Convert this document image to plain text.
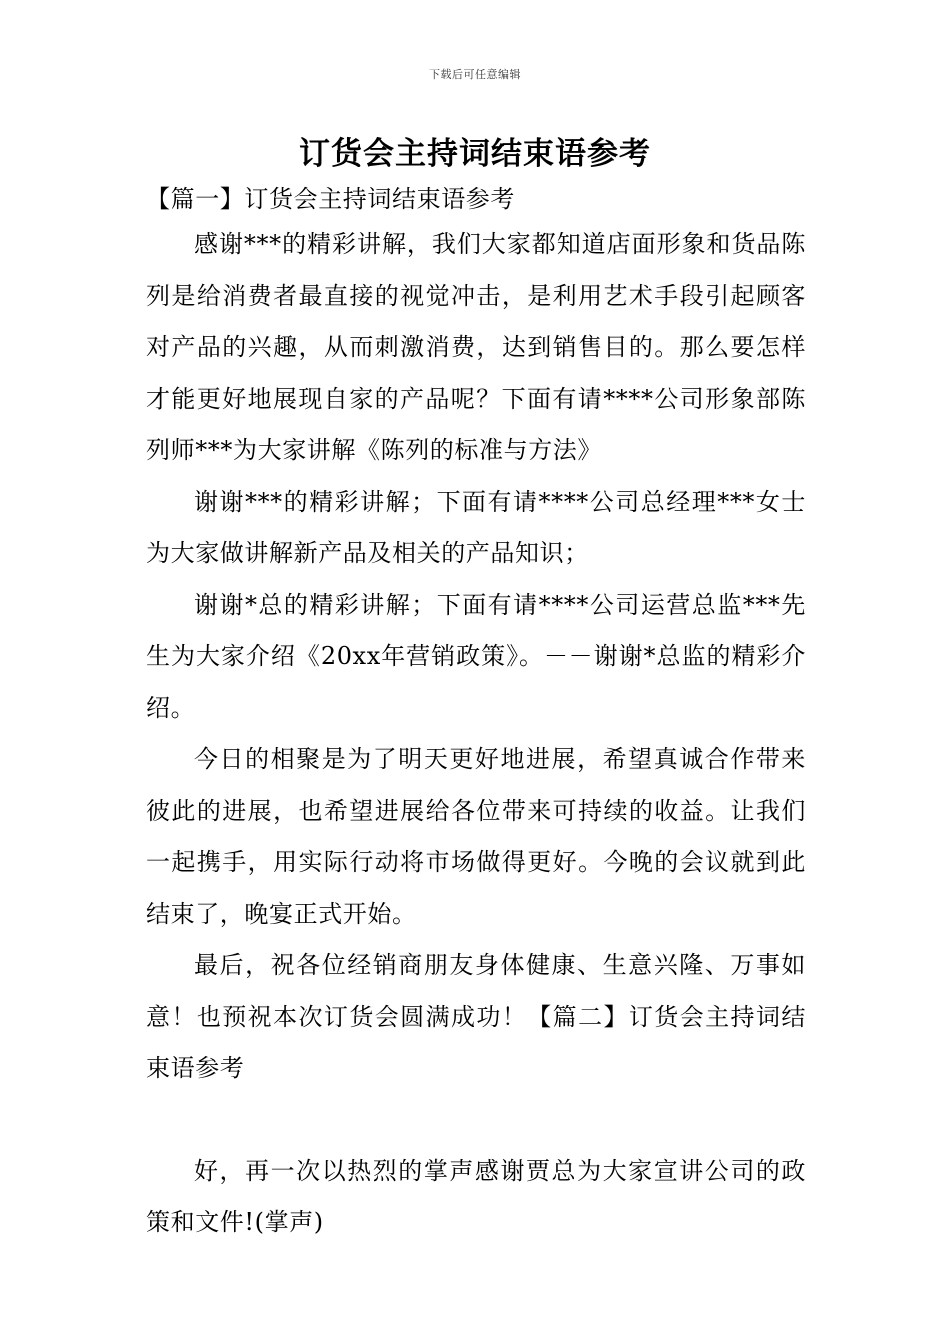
下载后可任意编辑
订货会主持词结束语参考

【篇一】订货会主持词结束语参考

感谢***的精彩讲解，我们大家都知道店面形象和货品陈列是给消费者最直接的视觉冲击，是利用艺术手段引起顾客对产品的兴趣，从而刺激消费，达到销售目的。那么要怎样才能更好地展现自家的产品呢？下面有请****公司形象部陈列师***为大家讲解《陈列的标准与方法》

谢谢***的精彩讲解；下面有请****公司总经理***女士为大家做讲解新产品及相关的产品知识；

谢谢*总的精彩讲解；下面有请****公司运营总监***先生为大家介绍《20xx年营销政策》。－－谢谢*总监的精彩介绍。

今日的相聚是为了明天更好地进展，希望真诚合作带来彼此的进展，也希望进展给各位带来可持续的收益。让我们一起携手，用实际行动将市场做得更好。今晚的会议就到此结束了，晚宴正式开始。

最后，祝各位经销商朋友身体健康、生意兴隆、万事如意！也预祝本次订货会圆满成功！【篇二】订货会主持词结束语参考

好，再一次以热烈的掌声感谢贾总为大家宣讲公司的政策和文件!(掌声)
